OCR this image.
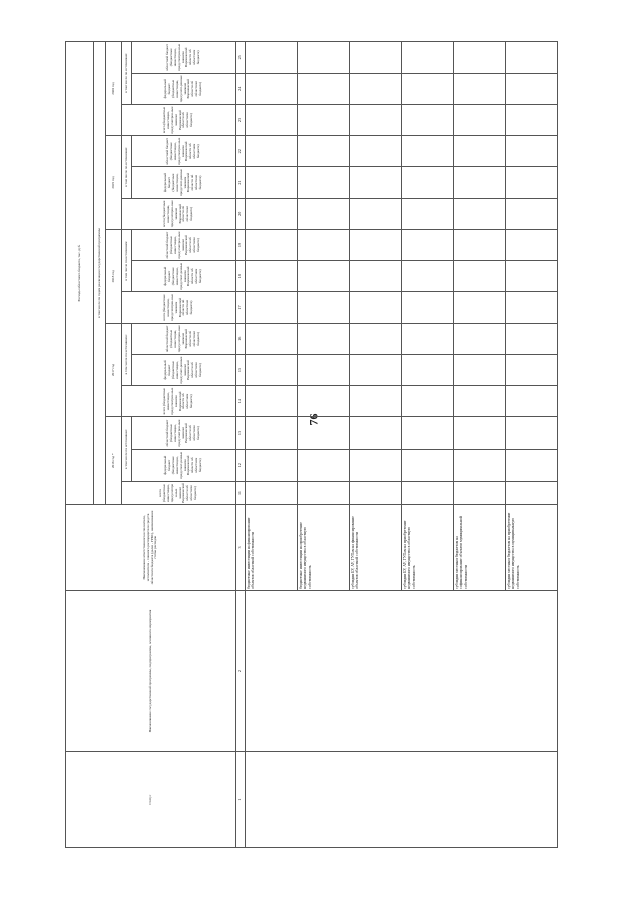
76
Статус	Наименование государственной программы, подпрограммы, основного мероприятия	Наименование ответственного исполнителя, исполнителя - главного распорядителя средств областного бюджета (далее - ГРБС), наименование статьи расходов	Расходы областного бюджета, тыс. руб.														
			в том числе по годам реализации государственной программы														
			2016 год *			2017 год			2018 год			2019 год			2020 год		
			всего (бюджетные инвестиции, предусмотрен-ные законом Воронежской области об областном бюджете)	в том числе по источникам:		всего (бюджетные инвестиции, предусмотрен-ные законом Воронежской области об областном бюджете)	в том числе по источникам:		всего (бюджетные инвестиции, предусмотрен-ные законом Воронежской области об областном бюджете)	в том числе по источникам:		всего (бюджетные инвестиции, предусмотрен-ные законом Воронежской области об областном бюджете)	в том числе по источникам:		всего (бюджетные инвестиции, предусмотрен-ные законом Воронежской области об областном бюджете)	в том числе по источникам:	
				федеральный бюджет (бюджетные инвестиции, предусмот-ренные законом Воронежской области об областном бюджете)	областной бюджет (бюджетные инвестиции, предусмотрен-ные законом Воронежской области об областном бюджете)		федеральный бюджет (бюджетные инвестиции, предусмот-ренные законом Воронежской области об областном бюджете)	областной бюджет (бюджетные инвестиции, предусмотрен-ные законом Воронежской области об областном бюджете)		федеральный бюджет (бюджетные инвестиции, предусмот-ренные законом Воронежской области об областном бюджете)	областной бюджет (бюджетные инвестиции, предусмотрен-ные законом Воронежской области об областном бюджете)		федеральный бюджет (бюджетные инвестиции, предусмот-ренные законом Воронежской области об областном бюджете)	областной бюджет (бюджетные инвестиции, предусмотрен-ные законом Воронежской области об областном бюджете)		федеральный бюджет (бюджетные инвестиции, предусмот-ренные законом Воронежской области об областном бюджете)	областной бюджет (бюджетные инвестиции, предусмотрен-ные законом Воронежской области об областном бюджете)
1	2	3	11	12	13	14	15	16	17	18	19	20	21	22	23	24	25
		бюджетные инвестиции на финансирование объектов областной собственности															
		бюджетные инвестиции на приобретение недвижимого имущества в областную собственность															
		субсидии БУ, АУ, ГУПам на финансирование объектов областной собственности															
		субсидии БУ, АУ, ГУПам на приобретение недвижимого имущества в областную собственность															
		субсидии местным бюджетам на софинансирование объектов муниципальной собственности															
		субсидии местным бюджетам на приобретение недвижимого имущества в муниципальную собственность															
